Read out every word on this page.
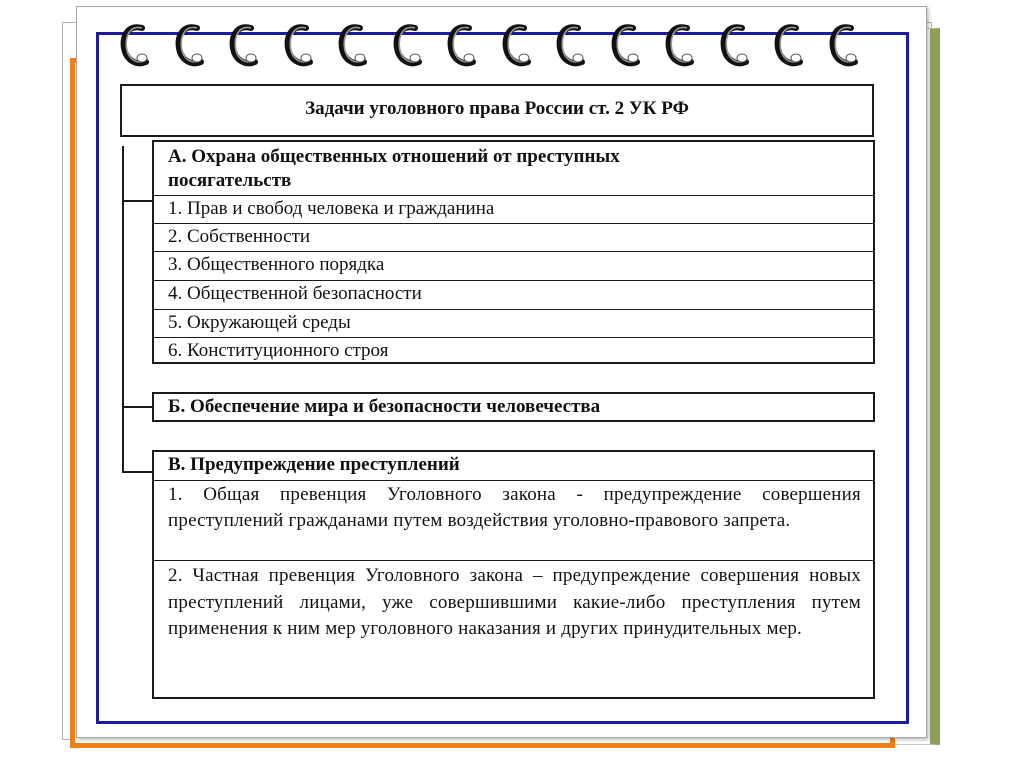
Задачи уголовного права России ст. 2 УК РФ
А. Охрана общественных отношений от преступных
посягательств
1. Прав и свобод человека и гражданина
2. Собственности
3. Общественного порядка
4. Общественной безопасности
5. Окружающей среды
6. Конституционного строя
Б. Обеспечение мира и безопасности человечества
В. Предупреждение преступлений
1. Общая превенция Уголовного закона - предупреждение совершения преступлений гражданами путем воздействия уголовно-правового запрета.
2. Частная превенция Уголовного закона – предупреждение совершения новых преступлений лицами, уже совершившими какие-либо преступления путем применения к ним мер уголовного наказания и других принудительных мер.
